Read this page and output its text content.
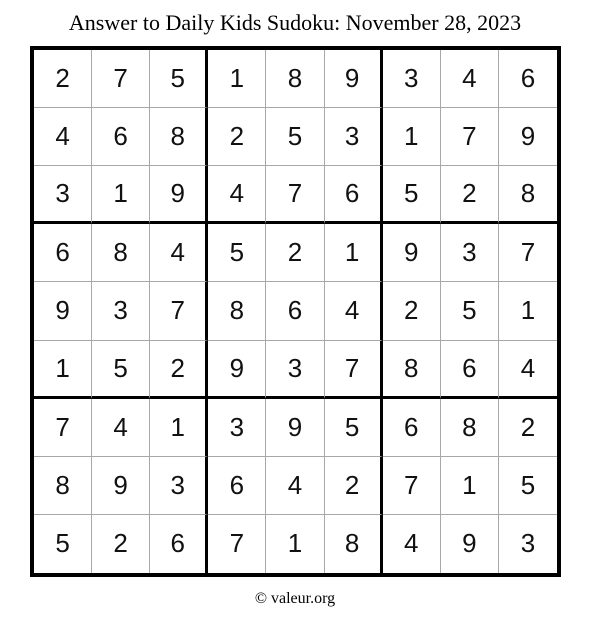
Answer to Daily Kids Sudoku: November 28, 2023
2	7	5	1	8	9	3	4	6
4	6	8	2	5	3	1	7	9
3	1	9	4	7	6	5	2	8
6	8	4	5	2	1	9	3	7
9	3	7	8	6	4	2	5	1
1	5	2	9	3	7	8	6	4
7	4	1	3	9	5	6	8	2
8	9	3	6	4	2	7	1	5
5	2	6	7	1	8	4	9	3
© valeur.org
